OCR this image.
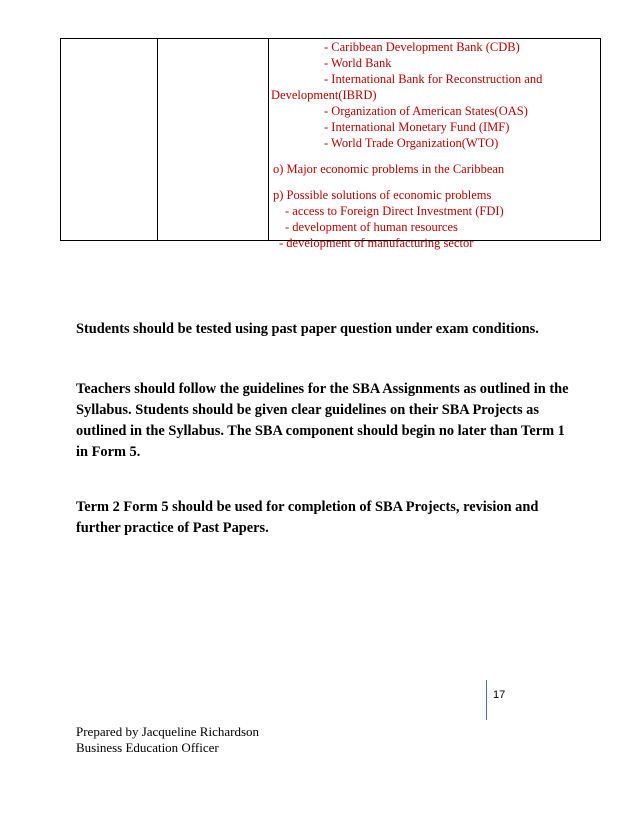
- Caribbean Development Bank (CDB)
- World Bank
- International Bank for Reconstruction and
Development(IBRD)
- Organization of American States(OAS)
- International Monetary Fund (IMF)
- World Trade Organization(WTO)
o) Major economic problems in the Caribbean
p) Possible solutions of economic problems
- access to Foreign Direct Investment (FDI)
- development of human resources
- development of manufacturing sector
Students should be tested using past paper question under exam conditions.
Teachers should follow the guidelines for the SBA Assignments as outlined in the
Syllabus. Students should be given clear guidelines on their SBA Projects as
outlined in the Syllabus. The SBA component should begin no later than Term 1
in Form 5.
Term 2 Form 5 should be used for completion of SBA Projects, revision and
further practice of Past Papers.
17
Prepared by Jacqueline Richardson
Business Education Officer
